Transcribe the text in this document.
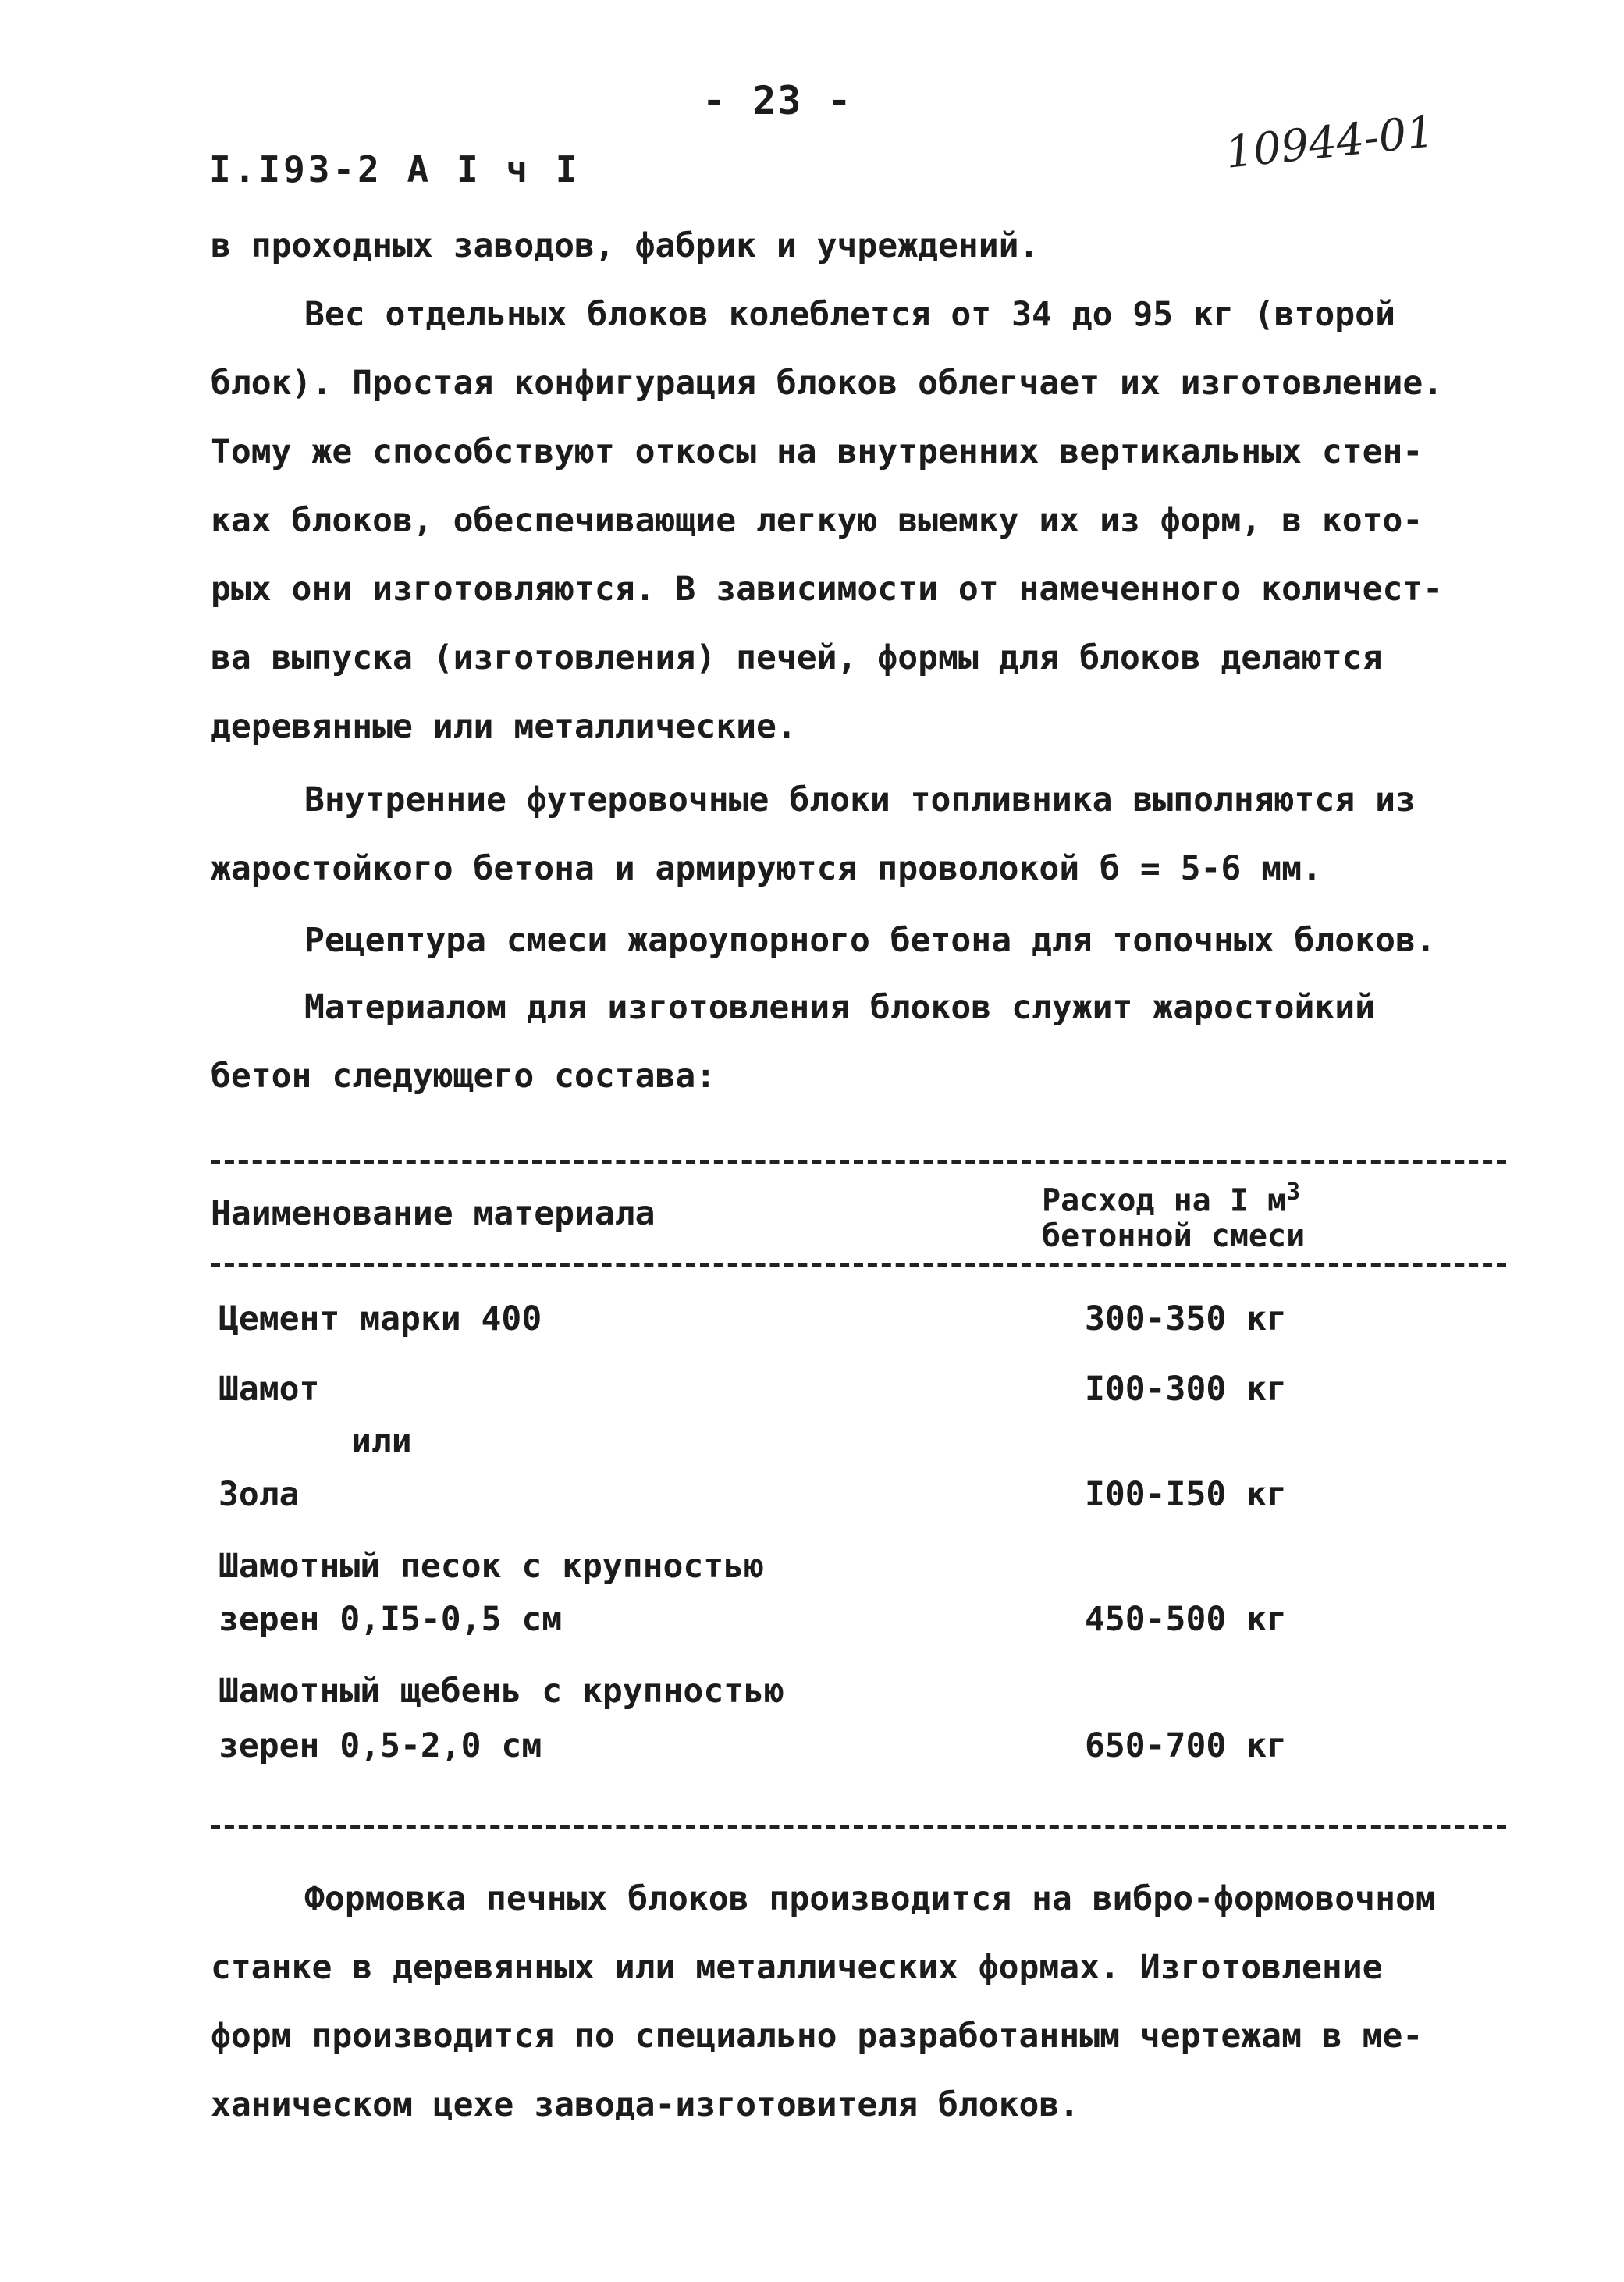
- 23 -
I.I93-2 А I ч I	10944-01
в проходных заводов, фабрик и учреждений.
Вес отдельных блоков колеблется от 34 до 95 кг (второй
блок). Простая конфигурация блоков облегчает их изготовление.
Тому же способствуют откосы на внутренних вертикальных стен-
ках блоков, обеспечивающие легкую выемку их из форм, в кото-
рых они изготовляются. В зависимости от намеченного количест-
ва выпуска (изготовления) печей, формы для блоков делаются
деревянные или металлические.
Внутренние футеровочные блоки топливника выполняются из
жаростойкого бетона и армируются проволокой б = 5-6 мм.
Рецептура смеси жароупорного бетона для топочных блоков.
Материалом для изготовления блоков служит жаростойкий
бетон следующего состава:
Наименование материала	Расход на I $м^3$
бетонной смеси
Цемент марки 400	300-350 кг
Шамот	I00-300 кг
или
Зола	I00-I50 кг
Шамотный песок с крупностью
зерен 0,I5-0,5 см	450-500 кг
Шамотный щебень с крупностью
зерен 0,5-2,0 см	650-700 кг
Формовка печных блоков производится на вибро-формовочном
станке в деревянных или металлических формах. Изготовление
форм производится по специально разработанным чертежам в ме-
ханическом цехе завода-изготовителя блоков.
